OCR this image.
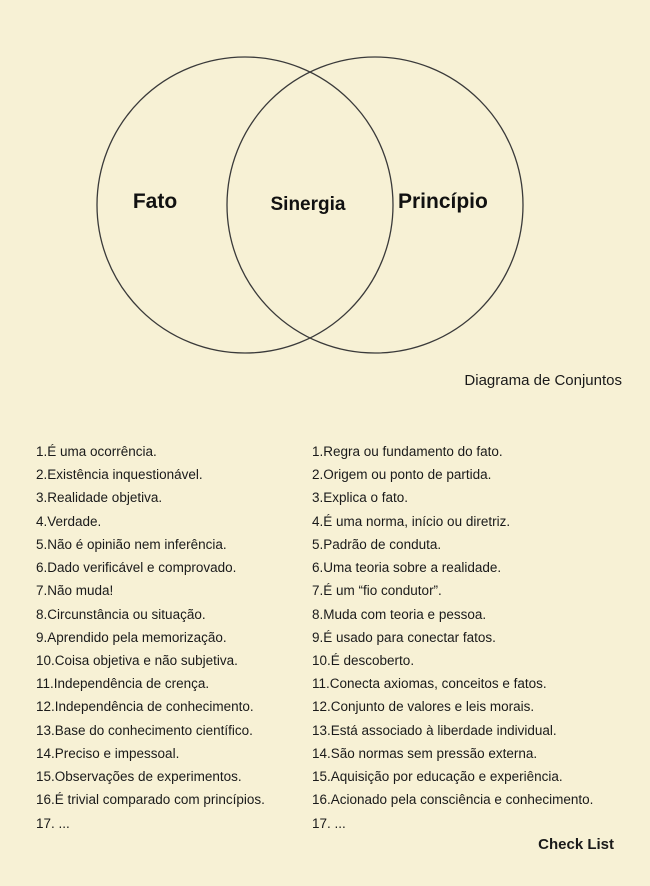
Fato	Sinergia	Princípio
Diagrama de Conjuntos
1.É uma ocorrência.
2.Existência inquestionável.
3.Realidade objetiva.
4.Verdade.
5.Não é opinião nem inferência.
6.Dado verificável e comprovado.
7.Não muda!
8.Circunstância ou situação.
9.Aprendido pela memorização.
10.Coisa objetiva e não subjetiva.
11.Independência de crença.
12.Independência de conhecimento.
13.Base do conhecimento científico.
14.Preciso e impessoal.
15.Observações de experimentos.
16.É trivial comparado com princípios.
17. ...
1.Regra ou fundamento do fato.
2.Origem ou ponto de partida.
3.Explica o fato.
4.É uma norma, início ou diretriz.
5.Padrão de conduta.
6.Uma teoria sobre a realidade.
7.É um “fio condutor”.
8.Muda com teoria e pessoa.
9.É usado para conectar fatos.
10.É descoberto.
11.Conecta axiomas, conceitos e fatos.
12.Conjunto de valores e leis morais.
13.Está associado à liberdade individual.
14.São normas sem pressão externa.
15.Aquisição por educação e experiência.
16.Acionado pela consciência e conhecimento.
17. ...
Check List
